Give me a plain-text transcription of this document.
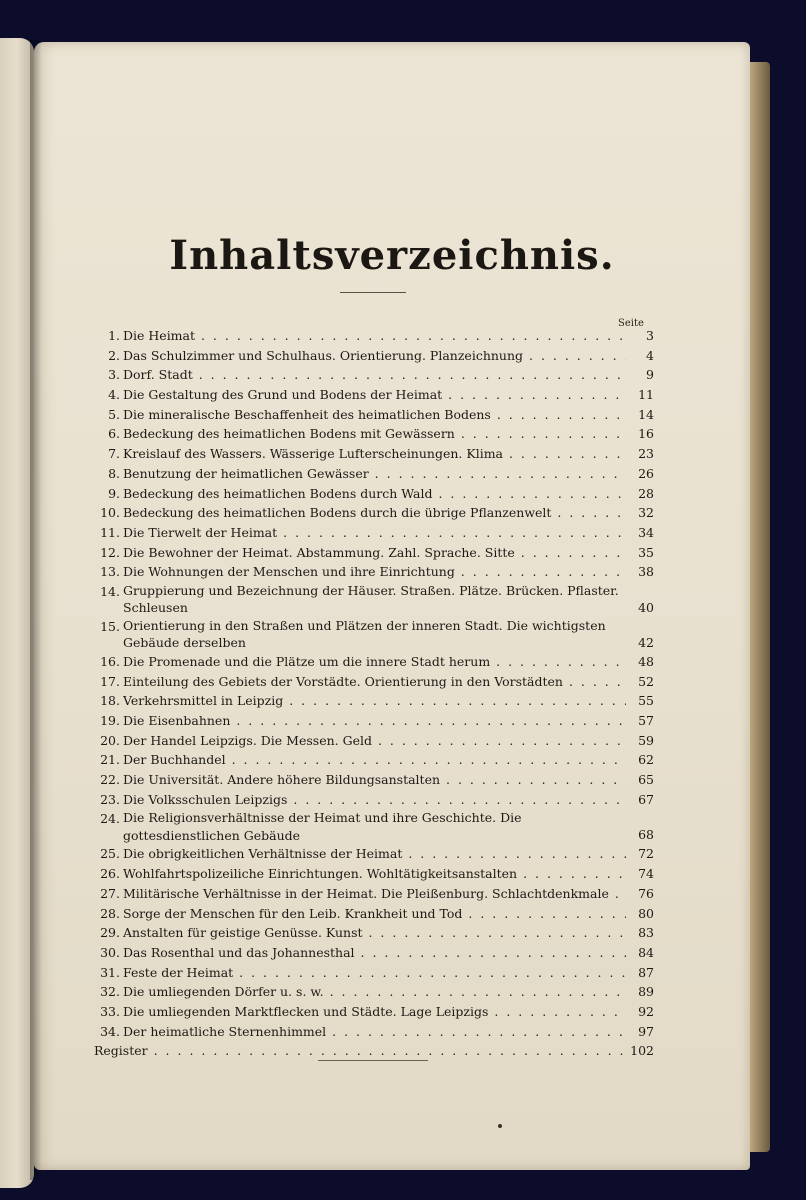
Inhaltsverzeichnis.
Seite
1. Die Heimat . . .	3
2. Das Schulzimmer und Schulhaus. Orientierung. Planzeichnung . . .	4
3. Dorf. Stadt . . .	9
4. Die Gestaltung des Grund und Bodens der Heimat . . .	11
5. Die mineralische Beschaffenheit des heimatlichen Bodens . . .	14
6. Bedeckung des heimatlichen Bodens mit Gewässern . . .	16
7. Kreislauf des Wassers. Wässerige Lufterscheinungen. Klima . . .	23
8. Benutzung der heimatlichen Gewässer . . .	26
9. Bedeckung des heimatlichen Bodens durch Wald . . .	28
10. Bedeckung des heimatlichen Bodens durch die übrige Pflanzenwelt . . .	32
11. Die Tierwelt der Heimat . . .	34
12. Die Bewohner der Heimat. Abstammung. Zahl. Sprache. Sitte . . .	35
13. Die Wohnungen der Menschen und ihre Einrichtung . . .	38
14. Gruppierung und Bezeichnung der Häuser. Straßen. Plätze. Brücken. Pflaster. Schleusen	40
15. Orientierung in den Straßen und Plätzen der inneren Stadt. Die wichtigsten Gebäude derselben	42
16. Die Promenade und die Plätze um die innere Stadt herum . . .	48
17. Einteilung des Gebiets der Vorstädte. Orientierung in den Vorstädten . . .	52
18. Verkehrsmittel in Leipzig . . .	55
19. Die Eisenbahnen . . .	57
20. Der Handel Leipzigs. Die Messen. Geld . . .	59
21. Der Buchhandel . . .	62
22. Die Universität. Andere höhere Bildungsanstalten . . .	65
23. Die Volksschulen Leipzigs . . .	67
24. Die Religionsverhältnisse der Heimat und ihre Geschichte. Die gottesdienstlichen Gebäude	68
25. Die obrigkeitlichen Verhältnisse der Heimat . . .	72
26. Wohlfahrtspolizeiliche Einrichtungen. Wohltätigkeitsanstalten . . .	74
27. Militärische Verhältnisse in der Heimat. Die Pleißenburg. Schlachtdenkmale . . .	76
28. Sorge der Menschen für den Leib. Krankheit und Tod . . .	80
29. Anstalten für geistige Genüsse. Kunst . . .	83
30. Das Rosenthal und das Johannesthal . . .	84
31. Feste der Heimat . . .	87
32. Die umliegenden Dörfer u. s. w. . . .	89
33. Die umliegenden Marktflecken und Städte. Lage Leipzigs . . .	92
34. Der heimatliche Sternenhimmel . . .	97
Register . . .	102
